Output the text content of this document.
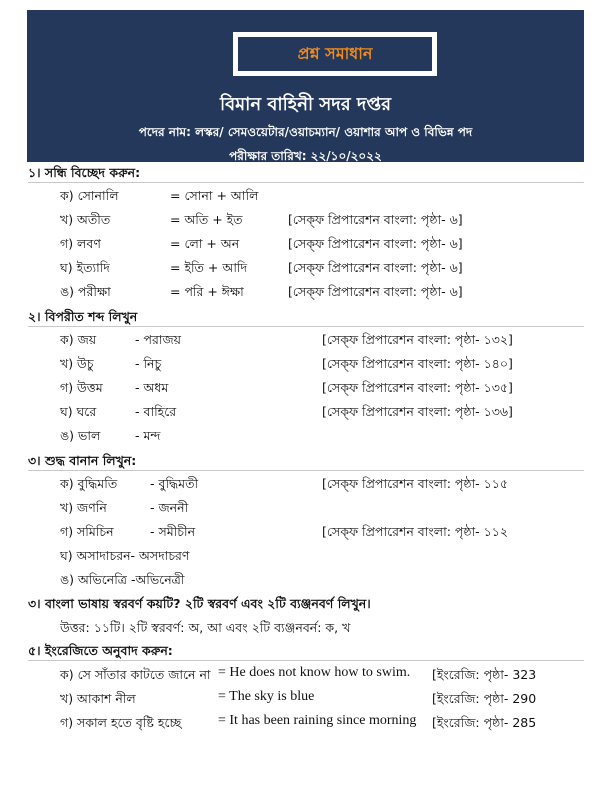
প্রশ্ন সমাধান
বিমান বাহিনী সদর দপ্তর
পদের নাম: লস্কর/ সেমওয়েটার/ওয়াচম্যান/ ওয়াশার আপ ও বিভিন্ন পদ
পরীক্ষার তারিখ: ২২/১০/২০২২
১। সন্ধি বিচ্ছেদ করুন:
ক) সোনালি	= সোনা + আলি
খ) অতীত	= অতি + ইত	[সেক্ফ প্রিপারেশন বাংলা: পৃষ্ঠা- ৬]
গ) লবণ	= লো + অন	[সেক্ফ প্রিপারেশন বাংলা: পৃষ্ঠা- ৬]
ঘ) ইত্যাদি	= ইতি + আদি	[সেক্ফ প্রিপারেশন বাংলা: পৃষ্ঠা- ৬]
ঙ) পরীক্ষা	= পরি + ঈক্ষা	[সেক্ফ প্রিপারেশন বাংলা: পৃষ্ঠা- ৬]
২। বিপরীত শব্দ লিখুন
ক) জয়	- পরাজয়	[সেক্ফ প্রিপারেশন বাংলা: পৃষ্ঠা- ১৩২]
খ) উচু	- নিচু	[সেক্ফ প্রিপারেশন বাংলা: পৃষ্ঠা- ১৪০]
গ) উত্তম	- অধম	[সেক্ফ প্রিপারেশন বাংলা: পৃষ্ঠা- ১৩৫]
ঘ) ঘরে	- বাহিরে	[সেক্ফ প্রিপারেশন বাংলা: পৃষ্ঠা- ১৩৬]
ঙ) ভাল	- মন্দ
৩। শুদ্ধ বানান লিখুন:
ক) বুদ্ধিমতি	- বুদ্ধিমতী	[সেক্ফ প্রিপারেশন বাংলা: পৃষ্ঠা- ১১৫
খ) জণনি	- জননী
গ) সমিচিন	- সমীচীন	[সেক্ফ প্রিপারেশন বাংলা: পৃষ্ঠা- ১১২
ঘ) অসাদাচরন- অসদাচরণ
ঙ) অভিনেত্রি -অভিনেত্রী
৩। বাংলা ভাষায় স্বরবর্ণ কয়টি? ২টি স্বরবর্ণ এবং ২টি ব্যঞ্জনবর্ণ লিখুন।
উত্তর: ১১টি। ২টি স্বরবর্ণ: অ, আ এবং ২টি ব্যঞ্জনবর্ন: ক, খ
৫। ইংরেজিতে অনুবাদ করুন:
ক) সে সাঁতার কাটতে জানে না = He does not know how to swim. [ইংরেজি: পৃষ্ঠা- 323
খ) আকাশ নীল	= The sky is blue	[ইংরেজি: পৃষ্ঠা- 290
গ) সকাল হতে বৃষ্টি হচ্ছে	= It has been raining since morning [ইংরেজি: পৃষ্ঠা- 285
